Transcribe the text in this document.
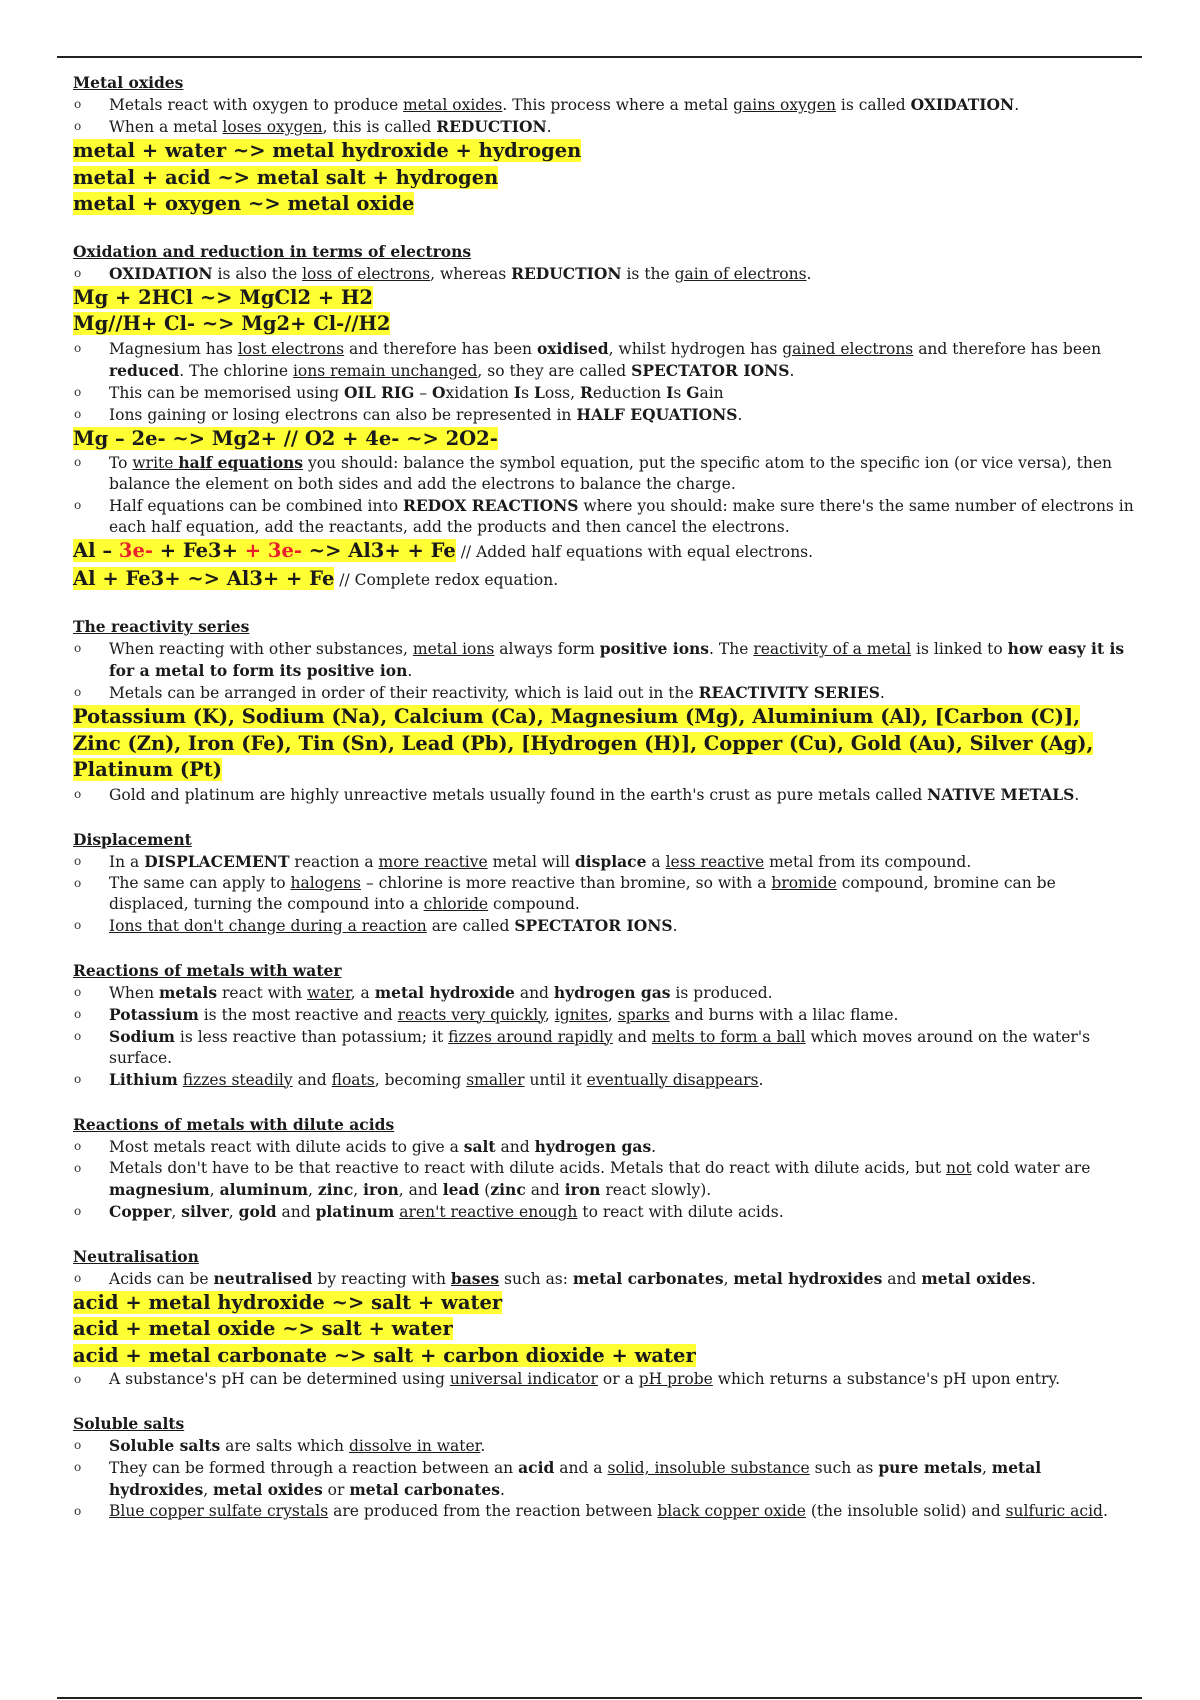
Metal oxides
o Metals react with oxygen to produce metal oxides. This process where a metal gains oxygen is called OXIDATION.
o When a metal loses oxygen, this is called REDUCTION.
metal + water ~> metal hydroxide + hydrogen
metal + acid ~> metal salt + hydrogen
metal + oxygen ~> metal oxide
Oxidation and reduction in terms of electrons
o OXIDATION is also the loss of electrons, whereas REDUCTION is the gain of electrons.
Mg + 2HCl ~> MgCl2 + H2
Mg//H+ Cl- ~> Mg2+ Cl-//H2
o Magnesium has lost electrons and therefore has been oxidised, whilst hydrogen has gained electrons and therefore has been reduced. The chlorine ions remain unchanged, so they are called SPECTATOR IONS.
o This can be memorised using OIL RIG – Oxidation Is Loss, Reduction Is Gain
o Ions gaining or losing electrons can also be represented in HALF EQUATIONS.
Mg – 2e- ~> Mg2+ // O2 + 4e- ~> 2O2-
o To write half equations you should: balance the symbol equation, put the specific atom to the specific ion (or vice versa), then balance the element on both sides and add the electrons to balance the charge.
o Half equations can be combined into REDOX REACTIONS where you should: make sure there's the same number of electrons in each half equation, add the reactants, add the products and then cancel the electrons.
Al – 3e- + Fe3+ + 3e- ~> Al3+ + Fe // Added half equations with equal electrons.
Al + Fe3+ ~> Al3+ + Fe // Complete redox equation.
The reactivity series
o When reacting with other substances, metal ions always form positive ions. The reactivity of a metal is linked to how easy it is for a metal to form its positive ion.
o Metals can be arranged in order of their reactivity, which is laid out in the REACTIVITY SERIES.
Potassium (K), Sodium (Na), Calcium (Ca), Magnesium (Mg), Aluminium (Al), [Carbon (C)],
Zinc (Zn), Iron (Fe), Tin (Sn), Lead (Pb), [Hydrogen (H)], Copper (Cu), Gold (Au), Silver (Ag),
Platinum (Pt)
o Gold and platinum are highly unreactive metals usually found in the earth's crust as pure metals called NATIVE METALS.
Displacement
o In a DISPLACEMENT reaction a more reactive metal will displace a less reactive metal from its compound.
o The same can apply to halogens – chlorine is more reactive than bromine, so with a bromide compound, bromine can be displaced, turning the compound into a chloride compound.
o Ions that don't change during a reaction are called SPECTATOR IONS.
Reactions of metals with water
o When metals react with water, a metal hydroxide and hydrogen gas is produced.
o Potassium is the most reactive and reacts very quickly, ignites, sparks and burns with a lilac flame.
o Sodium is less reactive than potassium; it fizzes around rapidly and melts to form a ball which moves around on the water's surface.
o Lithium fizzes steadily and floats, becoming smaller until it eventually disappears.
Reactions of metals with dilute acids
o Most metals react with dilute acids to give a salt and hydrogen gas.
o Metals don't have to be that reactive to react with dilute acids. Metals that do react with dilute acids, but not cold water are magnesium, aluminum, zinc, iron, and lead (zinc and iron react slowly).
o Copper, silver, gold and platinum aren't reactive enough to react with dilute acids.
Neutralisation
o Acids can be neutralised by reacting with bases such as: metal carbonates, metal hydroxides and metal oxides.
acid + metal hydroxide ~> salt + water
acid + metal oxide ~> salt + water
acid + metal carbonate ~> salt + carbon dioxide + water
o A substance's pH can be determined using universal indicator or a pH probe which returns a substance's pH upon entry.
Soluble salts
o Soluble salts are salts which dissolve in water.
o They can be formed through a reaction between an acid and a solid, insoluble substance such as pure metals, metal hydroxides, metal oxides or metal carbonates.
o Blue copper sulfate crystals are produced from the reaction between black copper oxide (the insoluble solid) and sulfuric acid.
